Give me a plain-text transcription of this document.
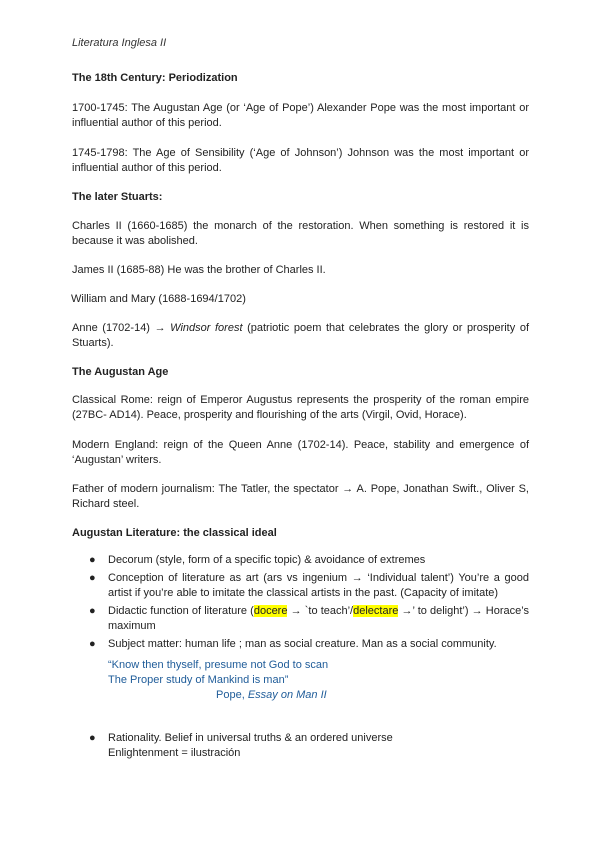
Literatura Inglesa II
The 18th Century: Periodization
1700-1745: The Augustan Age (or ‘Age of Pope’) Alexander Pope was the most important or influential author of this period.
1745-1798: The Age of Sensibility (‘Age of Johnson’) Johnson was the most important or influential author of this period.
The later Stuarts:
Charles II (1660-1685) the monarch of the restoration. When something is restored it is because it was abolished.
James II (1685-88) He was the brother of Charles II.
William and Mary (1688-1694/1702)
Anne (1702-14) → Windsor forest (patriotic poem that celebrates the glory or prosperity of Stuarts).
The Augustan Age
Classical Rome: reign of Emperor Augustus represents the prosperity of the roman empire (27BC- AD14). Peace, prosperity and flourishing of the arts (Virgil, Ovid, Horace).
Modern England: reign of the Queen Anne (1702-14). Peace, stability and emergence of ‘Augustan’ writers.
Father of modern journalism: The Tatler, the spectator → A. Pope, Jonathan Swift., Oliver S, Richard steel.
Augustan Literature: the classical ideal
● Decorum (style, form of a specific topic) & avoidance of extremes
● Conception of literature as art (ars vs ingenium → ‘Individual talent’) You’re a good artist if you’re able to imitate the classical artists in the past. (Capacity of imitate)
● Didactic function of literature (docere → `to teach’/delectare →’ to delight’) → Horace’s maximum
● Subject matter: human life ; man as social creature. Man as a social community.
“Know then thyself, presume not God to scan
The Proper study of Mankind is man”
Pope, Essay on Man II
● Rationality. Belief in universal truths & an ordered universe
Enlightenment = ilustración
